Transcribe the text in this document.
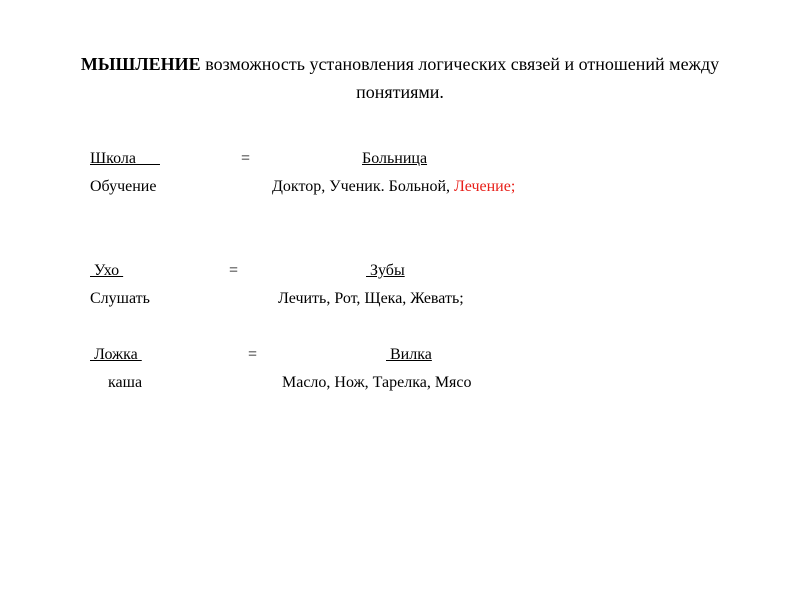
МЫШЛЕНИЕ возможность установления логических связей и отношений между понятиями.
Школа	=	Больница
Обучение	Доктор, Ученик. Больной, Лечение;
Ухо	=	Зубы
Слушать	Лечить, Рот, Щека, Жевать;
Ложка	=	Вилка
каша	Масло, Нож, Тарелка, Мясо
